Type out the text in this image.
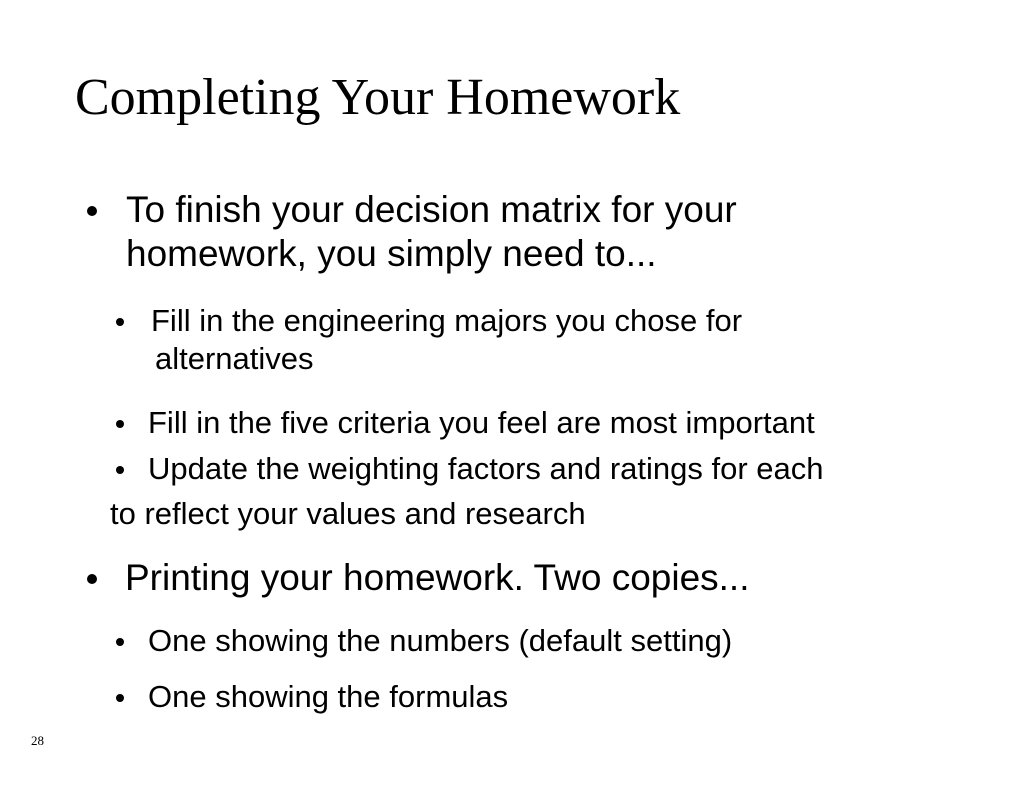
Completing Your Homework
To finish your decision matrix for your
homework, you simply need to...
Fill in the engineering majors you chose for
alternatives
Fill in the five criteria you feel are most important
Update the weighting factors and ratings for each
to reflect your values and research
Printing your homework. Two copies...
One showing the numbers (default setting)
One showing the formulas
28
